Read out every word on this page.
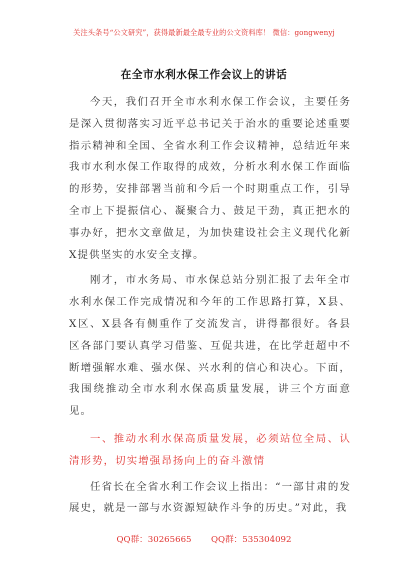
关注头条号“公文研究”，获得最新最全最专业的公文资料库！ 微信：gongwenyj
在全市水利水保工作会议上的讲话

今天，我们召开全市水利水保工作会议，主要任务是深入贯彻落实习近平总书记关于治水的重要论述重要指示精神和全国、全省水利工作会议精神，总结近年来我市水利水保工作取得的成效，分析水利水保工作面临的形势，安排部署当前和今后一个时期重点工作，引导全市上下提振信心、凝聚合力、鼓足干劲，真正把水的事办好，把水文章做足，为加快建设社会主义现代化新X提供坚实的水安全支撑。

刚才，市水务局、市水保总站分别汇报了去年全市水利水保工作完成情况和今年的工作思路打算，X县、X区、X县各有侧重作了交流发言，讲得都很好。各县区各部门要认真学习借鉴、互促共进，在比学赶超中不断增强解水难、强水保、兴水利的信心和决心。下面，我围绕推动全市水利水保高质量发展，讲三个方面意见。

一、推动水利水保高质量发展，必须站位全局、认清形势，切实增强昂扬向上的奋斗激情

任省长在全省水利工作会议上指出：“一部甘肃的发展史，就是一部与水资源短缺作斗争的历史。”对此，我

QQ群：30265665 QQ群：535304092
